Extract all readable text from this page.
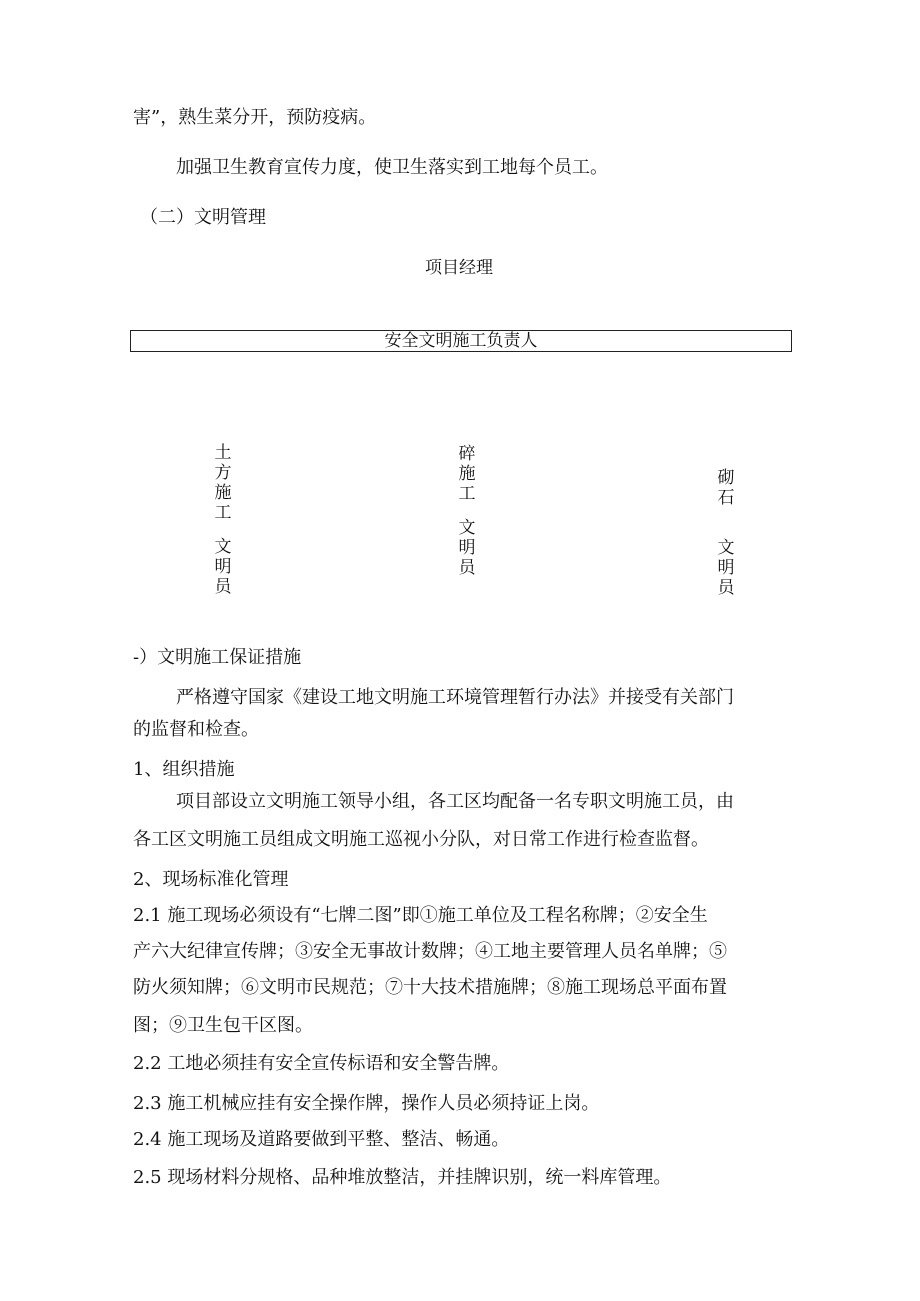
害”，熟生菜分开，预防疫病。

加强卫生教育宣传力度，使卫生落实到工地每个员工。

（二）文明管理

项目经理

安全文明施工负责人
土方施工
文明员
碎施工
文明员
砌石
文明员

-）文明施工保证措施

严格遵守国家《建设工地文明施工环境管理暂行办法》并接受有关部门

的监督和检查。

1、组织措施

项目部设立文明施工领导小组，各工区均配备一名专职文明施工员，由

各工区文明施工员组成文明施工巡视小分队，对日常工作进行检查监督。

2、现场标准化管理

2.1 施工现场必须设有“七牌二图”即①施工单位及工程名称牌；②安全生

产六大纪律宣传牌；③安全无事故计数牌；④工地主要管理人员名单牌；⑤

防火须知牌；⑥文明市民规范；⑦十大技术措施牌；⑧施工现场总平面布置

图；⑨卫生包干区图。

2.2 工地必须挂有安全宣传标语和安全警告牌。

2.3 施工机械应挂有安全操作牌，操作人员必须持证上岗。

2.4 施工现场及道路要做到平整、整洁、畅通。

2.5 现场材料分规格、品种堆放整洁，并挂牌识别，统一料库管理。
